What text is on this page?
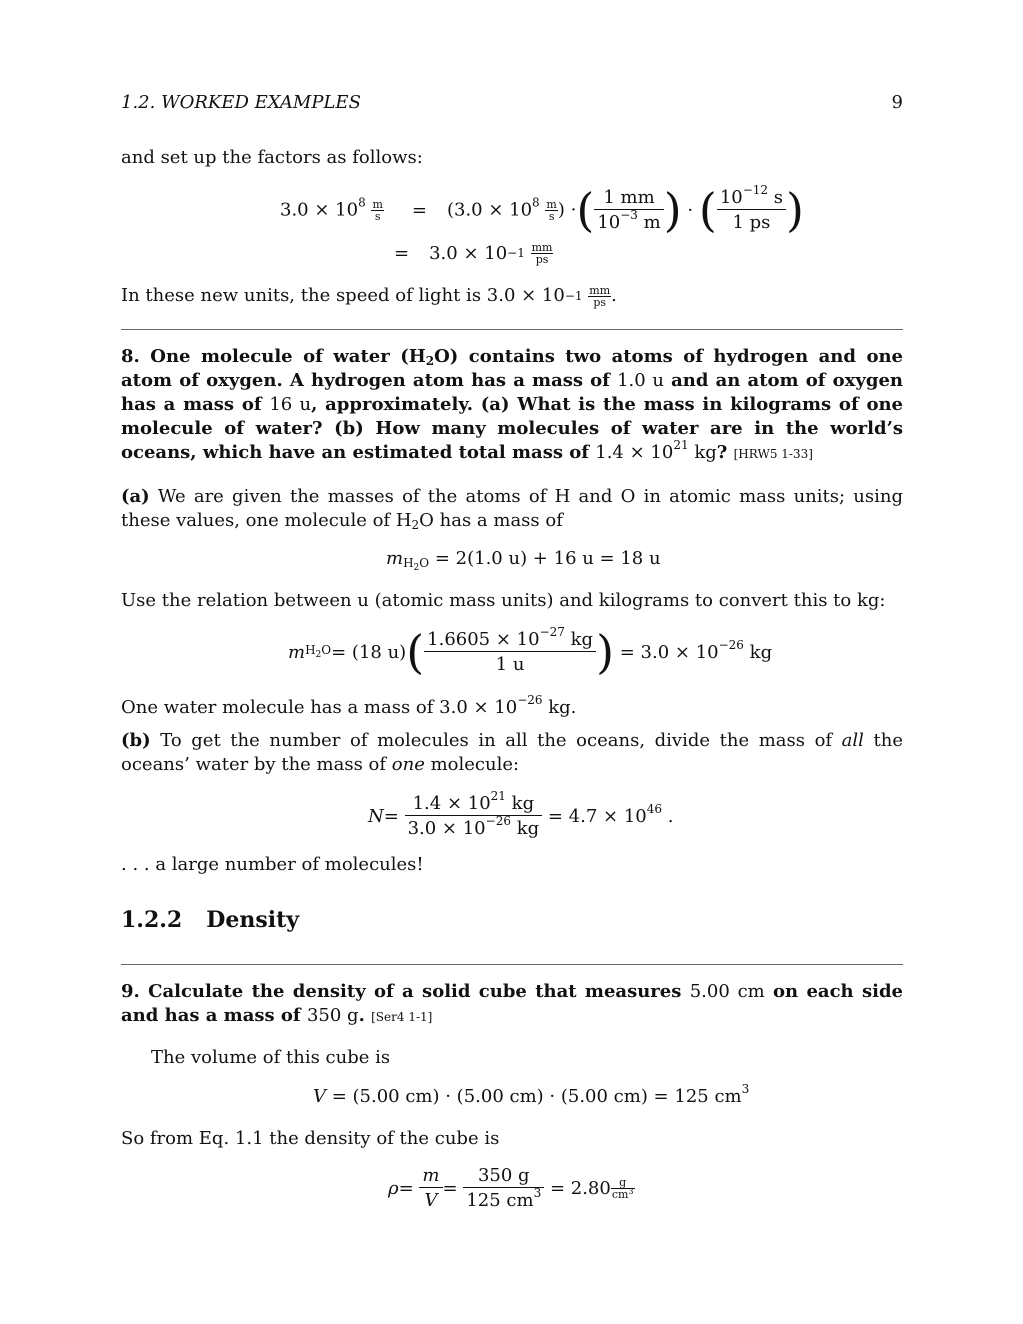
1.2. WORKED EXAMPLES	9
and set up the factors as follows:
$3.0 \times 10^8 \frac{m}{s} = (3.0 \times 10^8 \frac{m}{s}$ ) · ( $\frac{1 mm}{10^{-3} m}$ ) · ( $\frac{10^{-12} s}{1 ps}$ )
= 3.0 × 10 −1
$\frac{mm}{ps}$
In these new units, the speed of light is 3.0 × 10 −1
$\frac{mm}{ps}$ .
8. One molecule of water $(H_2O)$ contains two atoms of hydrogen and one atom of oxygen. A hydrogen atom has a mass of 1.0 u and an atom of oxygen has a mass of 16 u, approximately. (a) What is the mass in kilograms of one molecule of water? (b) How many molecules of water are in the world’s oceans, which have an estimated total mass of $1.4 \times 10^{21}$ kg? [HRW5 1-33]
(a) We are given the masses of the atoms of H and O in atomic mass units; using these values, one molecule of $H_2O$ has a mass of
$m_{H_2O} = 2(1.0$ u) + 16 u = 18 u
Use the relation between u (atomic mass units) and kilograms to convert this to kg:
m $H_2O = (18$ u) ( $\frac{1.6605 \times 10^{-27} kg}{1 u}$ ) = $3.0 \times 10^{-26}$ kg
One water molecule has a mass of $3.0 \times 10^{-26}$ kg.
(b) To get the number of molecules in all the oceans, divide the mass of all the oceans’ water by the mass of one molecule:
N =
$\frac{1.4 \times 10^{21} kg}{3.0 \times 10^{-26} kg} = 4.7 \times 10^{46}$ .
. . . a large number of molecules!
1.2.2 Density
9. Calculate the density of a solid cube that measures 5.00 cm on each side and has a mass of 350 g. [Ser4 1-1]
The volume of this cube is
V = (5.00 cm) · (5.00 cm) · (5.00 cm) = 125 $cm^3$
So from Eq. 1.1 the density of the cube is
ρ =
$\frac{m}{V}$ =
$\frac{350 g}{125 cm^3} = 2.80 \frac{g}{cm^3}$
